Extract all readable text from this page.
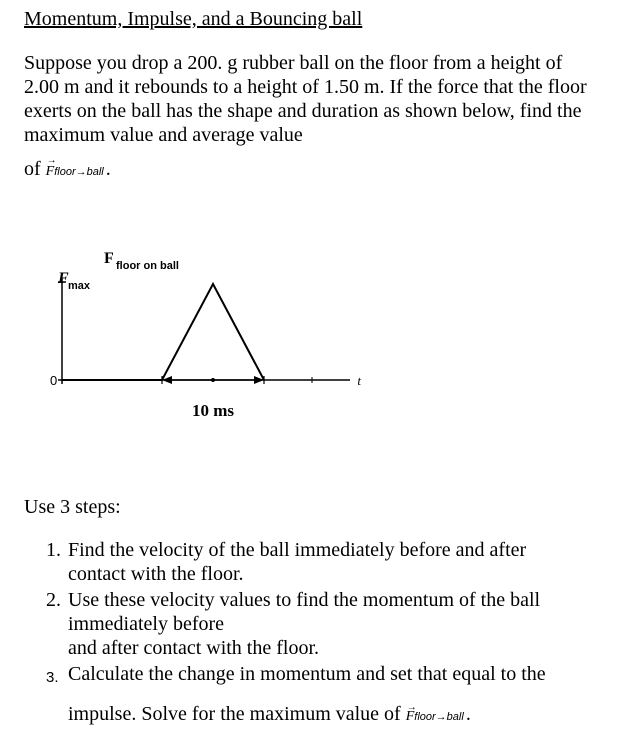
Momentum, Impulse, and a Bouncing ball
Suppose you drop a 200. g rubber ball on the floor from a height of 2.00 m and it rebounds to a height of 1.50 m. If the force that the floor exerts on the ball has the shape and duration as shown below, find the maximum value and average value
of →
Ffloor→ball .
F floor on ball
F max
0	t
10 ms
Use 3 steps:
1. Find the velocity of the ball immediately before and after
contact with the floor.
2. Use these velocity values to find the momentum of the ball
immediately before
and after contact with the floor.
3. Calculate the change in momentum and set that equal to the
impulse. Solve for the maximum value of →
Ffloor→ball .
